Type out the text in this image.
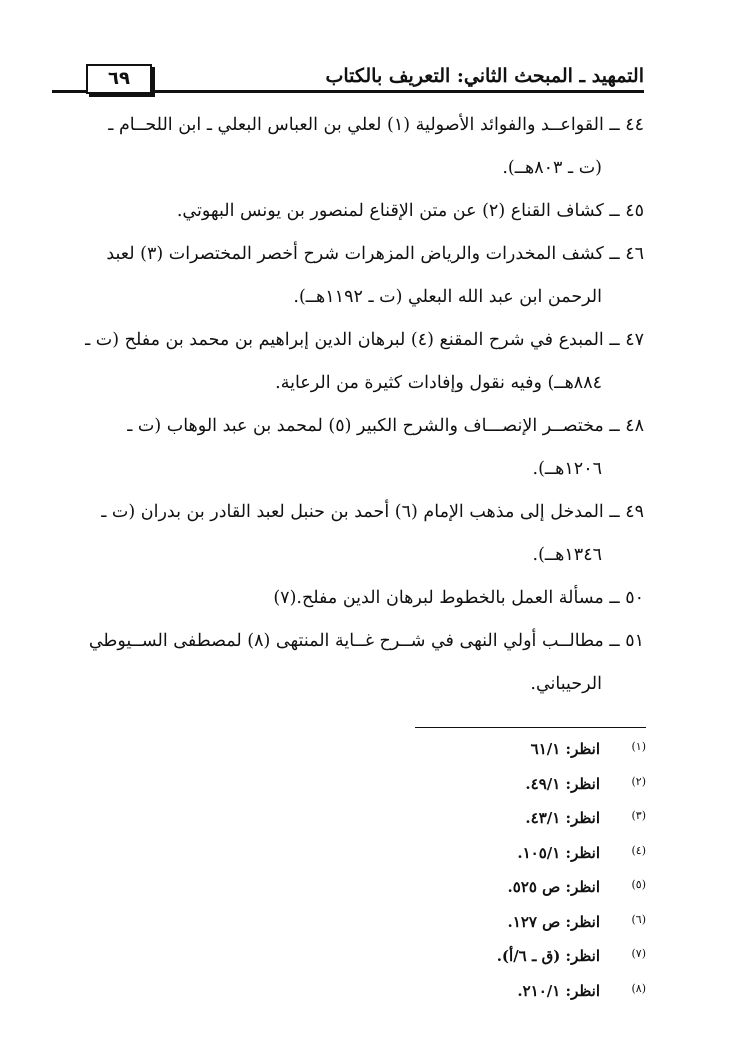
٦٩	التمهيد ـ المبحث الثاني: التعريف بالكتاب
٤٤ ــ القواعــد والفوائد الأصولية (١) لعلي بن العباس البعلي ـ ابن اللحــام ـ
(ت ـ ٨٠٣هــ).
٤٥ ــ كشاف القناع (٢) عن متن الإقناع لمنصور بن يونس البهوتي.
٤٦ ــ كشف المخدرات والرياض المزهرات شرح أخصر المختصرات (٣) لعبد
الرحمن ابن عبد الله البعلي (ت ـ ١١٩٢هــ).
٤٧ ــ المبدع في شرح المقنع (٤) لبرهان الدين إبراهيم بن محمد بن مفلح (ت ـ
٨٨٤هــ) وفيه نقول وإفادات كثيرة من الرعاية.
٤٨ ــ مختصــر الإنصـــاف والشرح الكبير (٥) لمحمد بن عبد الوهاب (ت ـ
١٢٠٦هــ).
٤٩ ــ المدخل إلى مذهب الإمام (٦) أحمد بن حنبل لعبد القادر بن بدران (ت ـ
١٣٤٦هــ).
٥٠ ــ مسألة العمل بالخطوط لبرهان الدين مفلح.(٧)
٥١ ــ مطالــب أولي النهى في شــرح غــاية المنتهى (٨) لمصطفى الســيوطي
الرحيباني.
(١)
انظر: ٦١/١
(٢)
انظر: ٤٩/١.
(٣)
انظر: ٤٣/١.
(٤)
انظر: ١٠٥/١.
(٥)
انظر: ص ٥٢٥.
(٦)
انظر: ص ١٢٧.
(٧)
انظر: (ق ـ ٦/أ).
(٨)
انظر: ٢١٠/١.
